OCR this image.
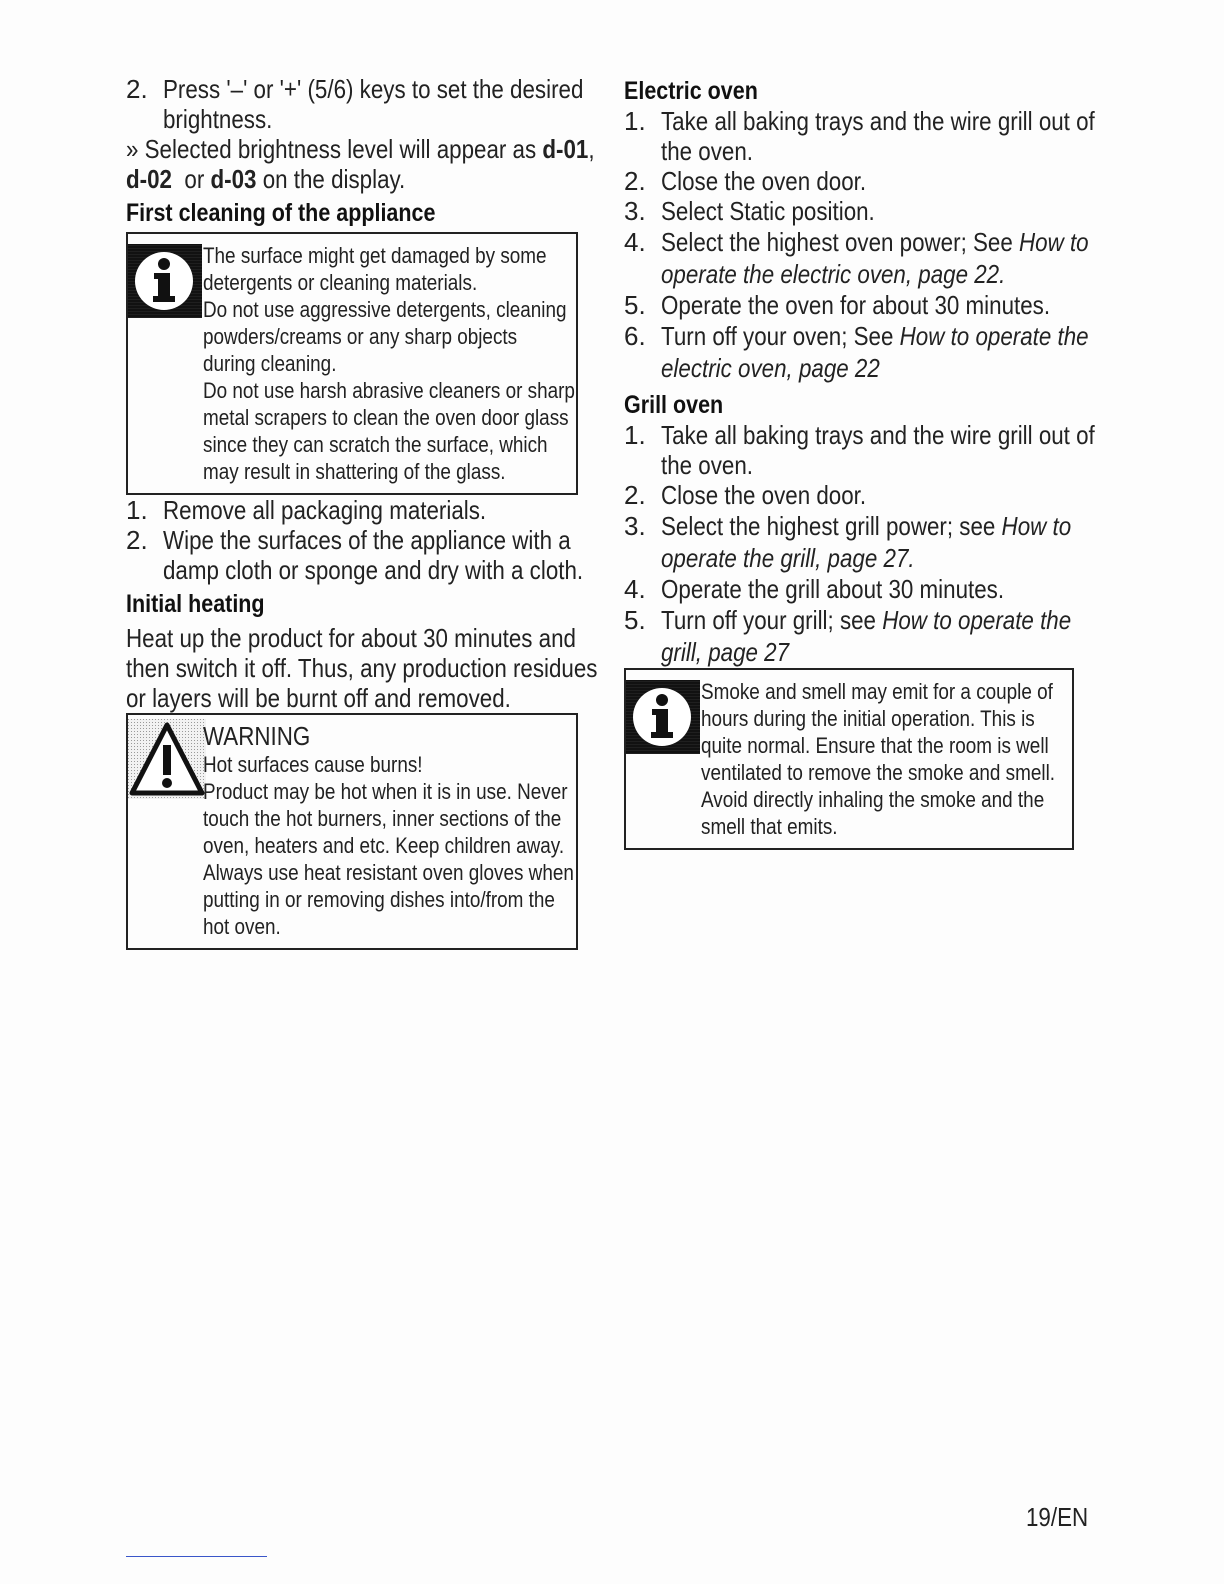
2. Press '–' or '+' (5/6) keys to set the desired
brightness.
» Selected brightness level will appear as d-01,
d-02  or d-03 on the display.
First cleaning of the appliance
The surface might get damaged by some
detergents or cleaning materials.
Do not use aggressive detergents, cleaning
powders/creams or any sharp objects
during cleaning.
Do not use harsh abrasive cleaners or sharp
metal scrapers to clean the oven door glass
since they can scratch the surface, which
may result in shattering of the glass.
1. Remove all packaging materials.
2. Wipe the surfaces of the appliance with a
damp cloth or sponge and dry with a cloth.
Initial heating
Heat up the product for about 30 minutes and
then switch it off. Thus, any production residues
or layers will be burnt off and removed.
WARNING
Hot surfaces cause burns!
Product may be hot when it is in use. Never
touch the hot burners, inner sections of the
oven, heaters and etc. Keep children away.
Always use heat resistant oven gloves when
putting in or removing dishes into/from the
hot oven.
Electric oven
1. Take all baking trays and the wire grill out of
the oven.
2. Close the oven door.
3. Select Static position.
4. Select the highest oven power; See How to
operate the electric oven, page 22.
5. Operate the oven for about 30 minutes.
6. Turn off your oven; See How to operate the
electric oven, page 22
Grill oven
1. Take all baking trays and the wire grill out of
the oven.
2. Close the oven door.
3. Select the highest grill power; see How to
operate the grill, page 27.
4. Operate the grill about 30 minutes.
5. Turn off your grill; see How to operate the
grill, page 27
Smoke and smell may emit for a couple of
hours during the initial operation. This is
quite normal. Ensure that the room is well
ventilated to remove the smoke and smell.
Avoid directly inhaling the smoke and the
smell that emits.
19/EN
